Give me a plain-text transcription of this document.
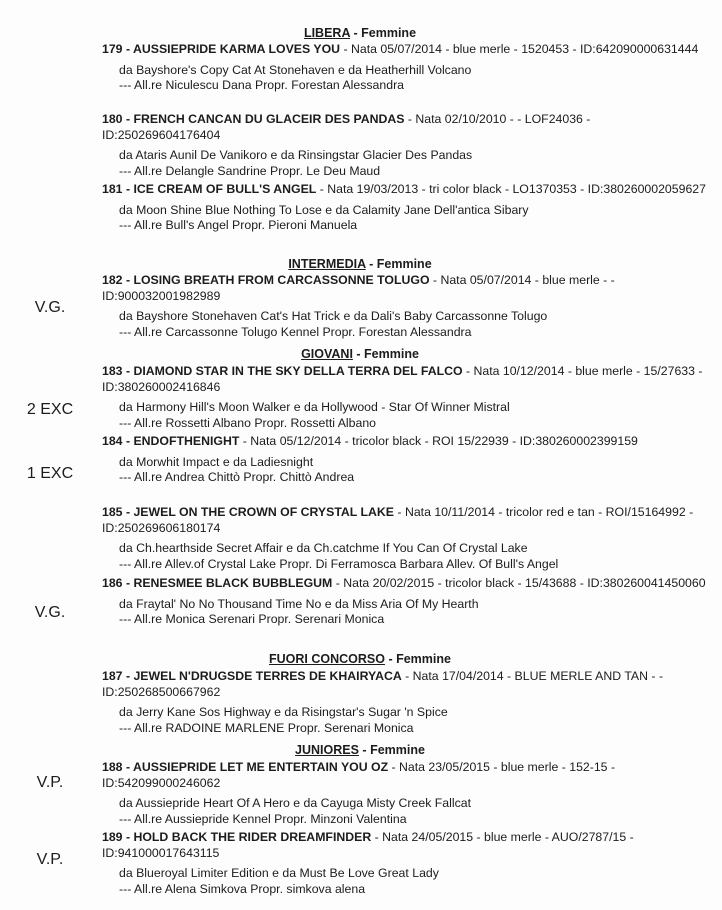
LIBERA - Femmine
179 - AUSSIEPRIDE KARMA LOVES YOU - Nata 05/07/2014 - blue merle - 1520453 - ID:642090000631444
da Bayshore's Copy Cat At Stonehaven e da Heatherhill Volcano
--- All.re Niculescu Dana Propr. Forestan Alessandra
180 - FRENCH CANCAN DU GLACEIR DES PANDAS - Nata 02/10/2010 - - LOF24036 - ID:250269604176404
da Ataris Aunil De Vanikoro e da Rinsingstar Glacier Des Pandas
--- All.re Delangle Sandrine Propr. Le Deu Maud
181 - ICE CREAM OF BULL'S ANGEL - Nata 19/03/2013 - tri color black - LO1370353 - ID:380260002059627
da Moon Shine Blue Nothing To Lose e da Calamity Jane Dell'antica Sibary
--- All.re Bull's Angel Propr. Pieroni Manuela
INTERMEDIA - Femmine
V.G.
182 - LOSING BREATH FROM CARCASSONNE TOLUGO - Nata 05/07/2014 - blue merle - - ID:900032001982989
da Bayshore Stonehaven Cat's Hat Trick e da Dali's Baby Carcassonne Tolugo
--- All.re Carcassonne Tolugo Kennel Propr. Forestan Alessandra
GIOVANI - Femmine
2 EXC
183 - DIAMOND STAR IN THE SKY DELLA TERRA DEL FALCO - Nata 10/12/2014 - blue merle - 15/27633 - ID:380260002416846
da Harmony Hill's Moon Walker e da Hollywood - Star Of Winner Mistral
--- All.re Rossetti Albano Propr. Rossetti Albano
1 EXC
184 - ENDOFTHENIGHT - Nata 05/12/2014 - tricolor black - ROI 15/22939 - ID:380260002399159
da Morwhit Impact e da Ladiesnight
--- All.re Andrea Chittò Propr. Chittò Andrea
185 - JEWEL ON THE CROWN OF CRYSTAL LAKE - Nata 10/11/2014 - tricolor red e tan - ROI/15164992 - ID:250269606180174
da Ch.hearthside Secret Affair e da Ch.catchme If You Can Of Crystal Lake
--- All.re Allev.of Crystal Lake Propr. Di Ferramosca Barbara Allev. Of Bull's Angel
V.G.
186 - RENESMEE BLACK BUBBLEGUM - Nata 20/02/2015 - tricolor black - 15/43688 - ID:380260041450060
da Fraytal' No No Thousand Time No e da Miss Aria Of My Hearth
--- All.re Monica Serenari Propr. Serenari Monica
FUORI CONCORSO - Femmine
187 - JEWEL N'DRUGSDE TERRES DE KHAIRYACA - Nata 17/04/2014 - BLUE MERLE AND TAN - - ID:250268500667962
da Jerry Kane Sos Highway e da Risingstar's Sugar 'n Spice
--- All.re RADOINE MARLENE Propr. Serenari Monica
JUNIORES - Femmine
V.P.
188 - AUSSIEPRIDE LET ME ENTERTAIN YOU OZ - Nata 23/05/2015 - blue merle - 152-15 - ID:542099000246062
da Aussiepride Heart Of A Hero e da Cayuga Misty Creek Fallcat
--- All.re Aussiepride Kennel Propr. Minzoni Valentina
V.P.
189 - HOLD BACK THE RIDER DREAMFINDER - Nata 24/05/2015 - blue merle - AUO/2787/15 - ID:941000017643115
da Blueroyal Limiter Edition e da Must Be Love Great Lady
--- All.re Alena Simkova Propr. simkova alena
